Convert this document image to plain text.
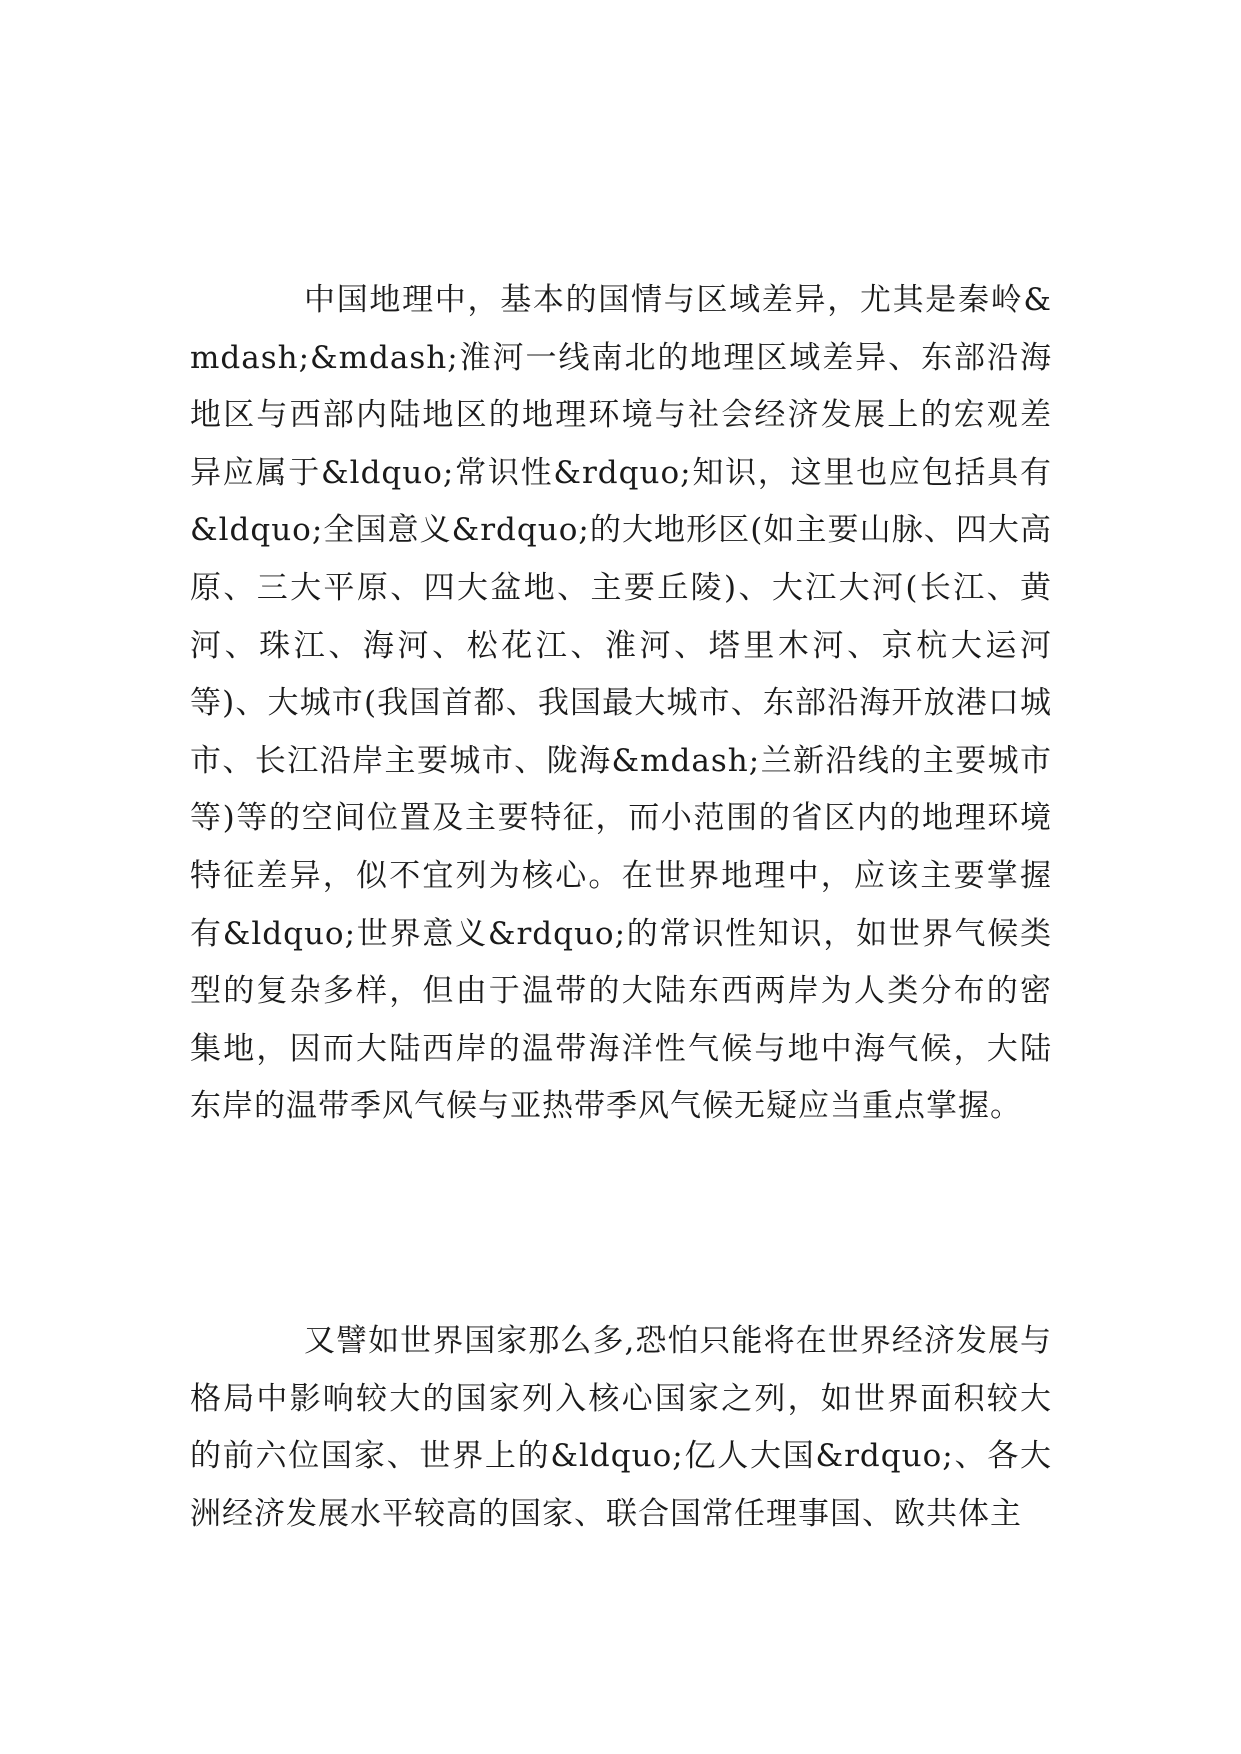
中国地理中，基本的国情与区域差异，尤其是秦岭&mdash;&mdash;淮河一线南北的地理区域差异、东部沿海地区与西部内陆地区的地理环境与社会经济发展上的宏观差异应属于&ldquo;常识性&rdquo;知识，这里也应包括具有&ldquo;全国意义&rdquo;的大地形区(如主要山脉、四大高原、三大平原、四大盆地、主要丘陵)、大江大河(长江、黄河、珠江、海河、松花江、淮河、塔里木河、京杭大运河等)、大城市(我国首都、我国最大城市、东部沿海开放港口城市、长江沿岸主要城市、陇海&mdash;兰新沿线的主要城市等)等的空间位置及主要特征，而小范围的省区内的地理环境特征差异，似不宜列为核心。在世界地理中，应该主要掌握有&ldquo;世界意义&rdquo;的常识性知识，如世界气候类型的复杂多样，但由于温带的大陆东西两岸为人类分布的密集地，因而大陆西岸的温带海洋性气候与地中海气候，大陆东岸的温带季风气候与亚热带季风气候无疑应当重点掌握。

又譬如世界国家那么多,恐怕只能将在世界经济发展与格局中影响较大的国家列入核心国家之列，如世界面积较大的前六位国家、世界上的&ldquo;亿人大国&rdquo;、各大洲经济发展水平较高的国家、联合国常任理事国、欧共体主
